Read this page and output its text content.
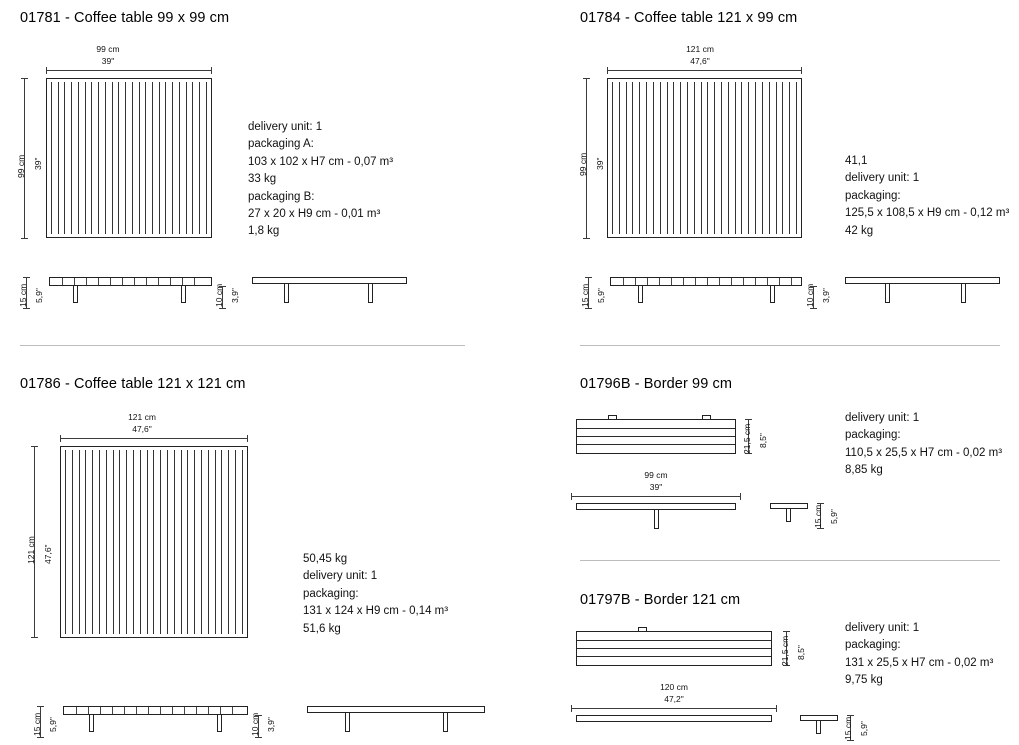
01781 - Coffee table 99 x 99 cm
99 cm
39"
99 cm 39"
delivery unit: 1
packaging A:
103 x 102 x H7 cm - 0,07 m³
33 kg
packaging B:
27 x 20 x H9 cm - 0,01 m³
1,8 kg
15 cm 5,9"	10 cm 3,9"
01784 - Coffee table 121 x 99 cm
121 cm
47,6"
99 cm 39"	41,1
delivery unit: 1
packaging:
125,5 x 108,5 x H9 cm - 0,12 m³
42 kg
15 cm 5,9"	10 cm 3,9"
01786 - Coffee table 121 x 121 cm
121 cm
47,6"
121 cm 47,6"	50,45 kg
delivery unit: 1
packaging:
131 x 124 x H9 cm - 0,14 m³
51,6 kg
15 cm 5,9"	10 cm 3,9"
01796B - Border 99 cm
21,5 cm 8,5"
delivery unit: 1
packaging:
110,5 x 25,5 x H7 cm - 0,02 m³
8,85 kg
99 cm
39"
15 cm 5,9"
01797B - Border 121 cm
21,5 cm 8,5"
delivery unit: 1
packaging:
131 x 25,5 x H7 cm - 0,02 m³
9,75 kg
120 cm
47,2"
15 cm 5,9"
